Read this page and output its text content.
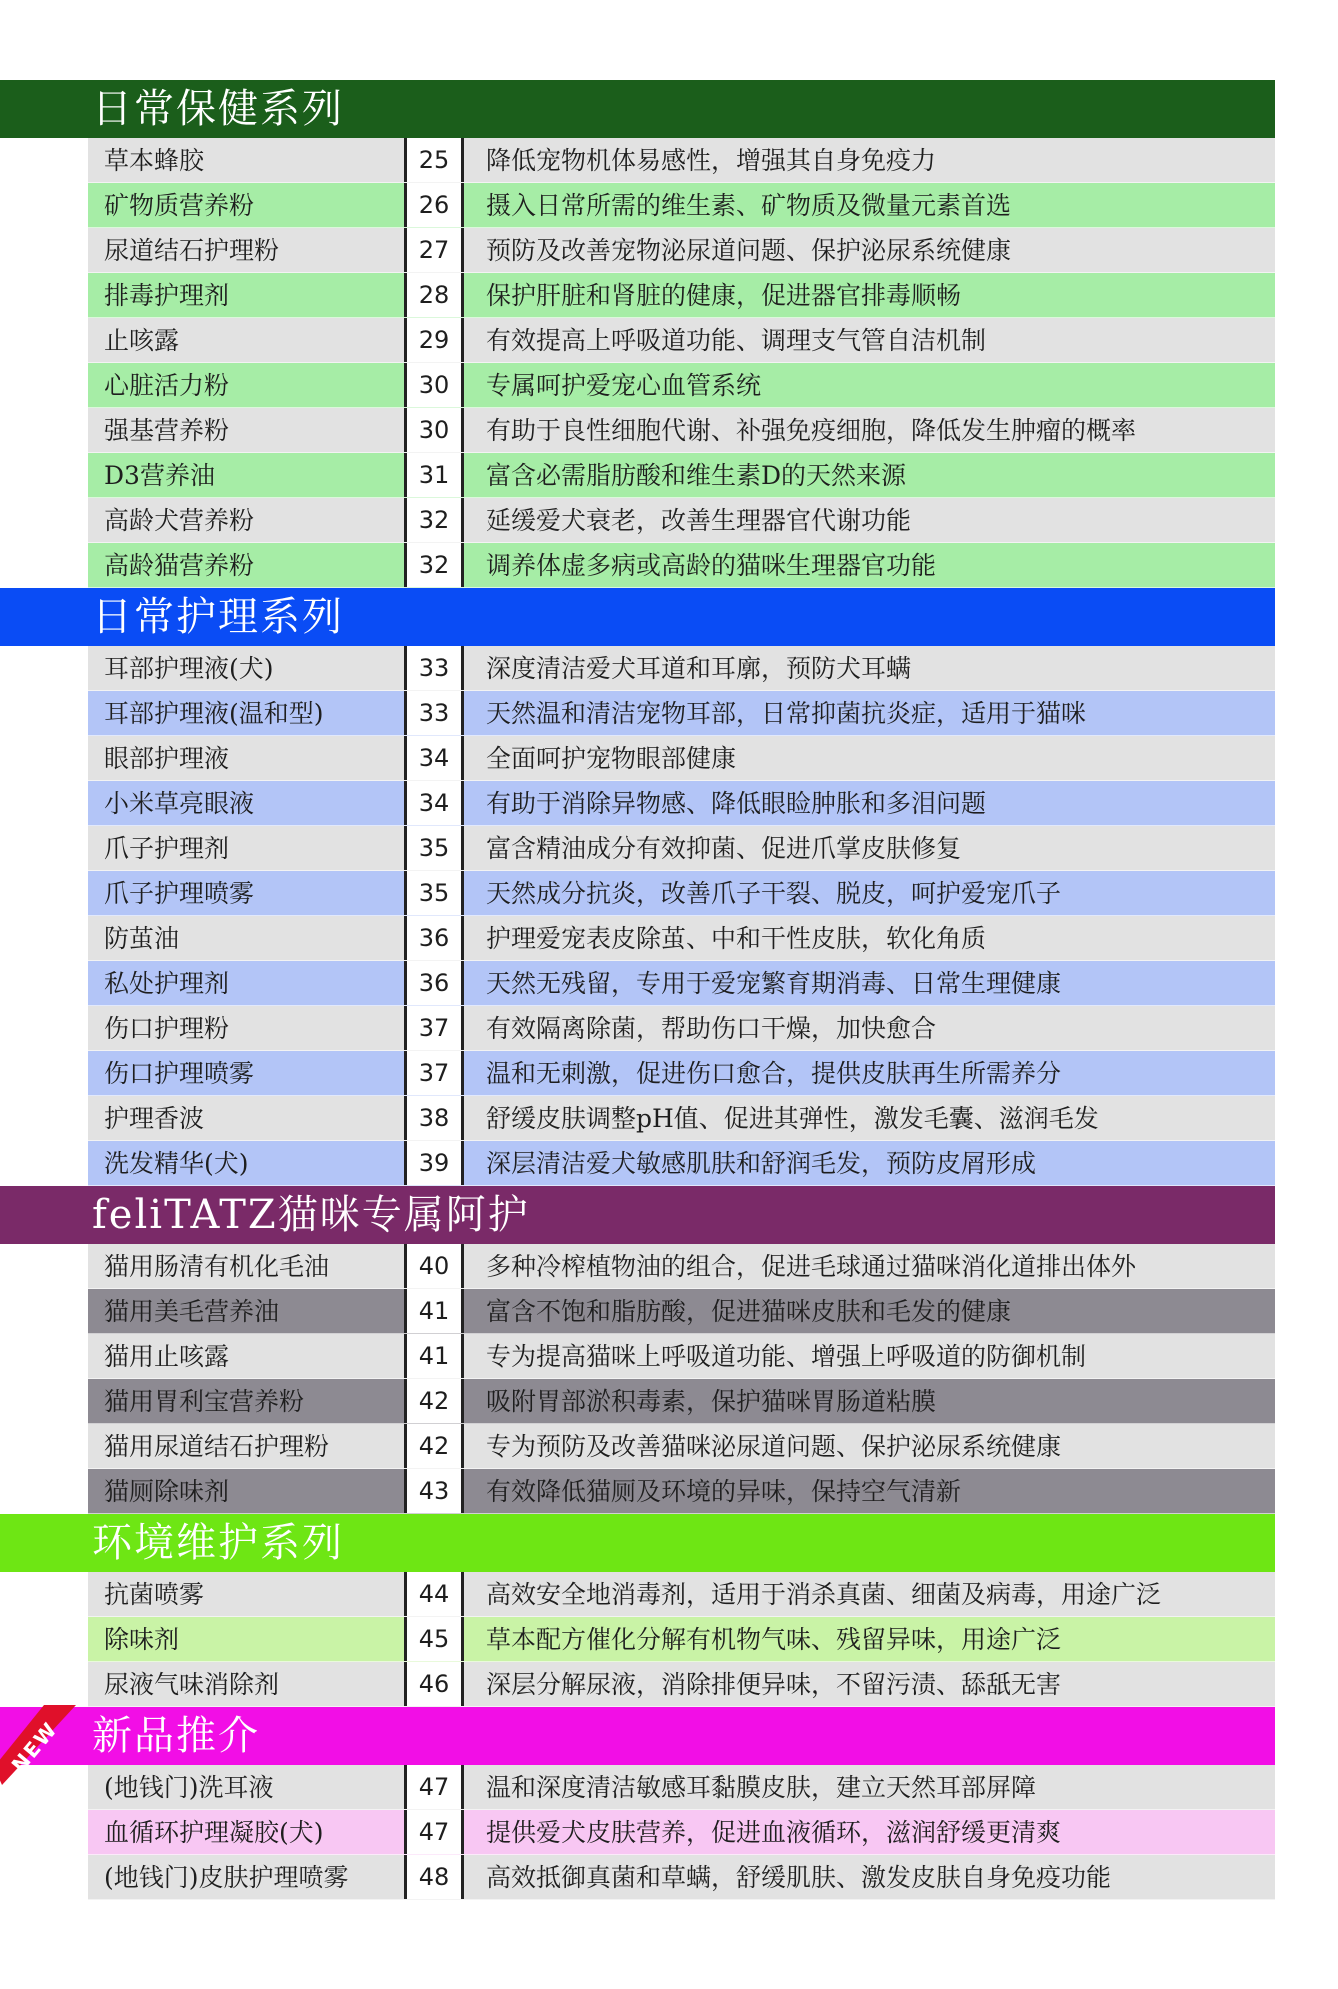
日常保健系列
草本蜂胶	25	降低宠物机体易感性，增强其自身免疫力
矿物质营养粉	26	摄入日常所需的维生素、矿物质及微量元素首选
尿道结石护理粉	27	预防及改善宠物泌尿道问题、保护泌尿系统健康
排毒护理剂	28	保护肝脏和肾脏的健康，促进器官排毒顺畅
止咳露	29	有效提高上呼吸道功能、调理支气管自洁机制
心脏活力粉	30	专属呵护爱宠心血管系统
强基营养粉	30	有助于良性细胞代谢、补强免疫细胞，降低发生肿瘤的概率
D3营养油	31	富含必需脂肪酸和维生素D的天然来源
高龄犬营养粉	32	延缓爱犬衰老，改善生理器官代谢功能
高龄猫营养粉	32	调养体虚多病或高龄的猫咪生理器官功能
日常护理系列
耳部护理液(犬)	33	深度清洁爱犬耳道和耳廓，预防犬耳螨
耳部护理液(温和型)	33	天然温和清洁宠物耳部，日常抑菌抗炎症，适用于猫咪
眼部护理液	34	全面呵护宠物眼部健康
小米草亮眼液	34	有助于消除异物感、降低眼睑肿胀和多泪问题
爪子护理剂	35	富含精油成分有效抑菌、促进爪掌皮肤修复
爪子护理喷雾	35	天然成分抗炎，改善爪子干裂、脱皮，呵护爱宠爪子
防茧油	36	护理爱宠表皮除茧、中和干性皮肤，软化角质
私处护理剂	36	天然无残留，专用于爱宠繁育期消毒、日常生理健康
伤口护理粉	37	有效隔离除菌，帮助伤口干燥，加快愈合
伤口护理喷雾	37	温和无刺激，促进伤口愈合，提供皮肤再生所需养分
护理香波	38	舒缓皮肤调整pH值、促进其弹性，激发毛囊、滋润毛发
洗发精华(犬)	39	深层清洁爱犬敏感肌肤和舒润毛发，预防皮屑形成
feliTATZ猫咪专属阿护
猫用肠清有机化毛油	40	多种冷榨植物油的组合，促进毛球通过猫咪消化道排出体外
猫用美毛营养油	41	富含不饱和脂肪酸，促进猫咪皮肤和毛发的健康
猫用止咳露	41	专为提高猫咪上呼吸道功能、增强上呼吸道的防御机制
猫用胃利宝营养粉	42	吸附胃部淤积毒素，保护猫咪胃肠道粘膜
猫用尿道结石护理粉	42	专为预防及改善猫咪泌尿道问题、保护泌尿系统健康
猫厕除味剂	43	有效降低猫厕及环境的异味，保持空气清新
环境维护系列
抗菌喷雾	44	高效安全地消毒剂，适用于消杀真菌、细菌及病毒，用途广泛
除味剂	45	草本配方催化分解有机物气味、残留异味，用途广泛
尿液气味消除剂	46	深层分解尿液，消除排便异味，不留污渍、舔舐无害
新品推介
NEW
(地钱门)洗耳液	47	温和深度清洁敏感耳黏膜皮肤，建立天然耳部屏障
血循环护理凝胶(犬)	47	提供爱犬皮肤营养，促进血液循环，滋润舒缓更清爽
(地钱门)皮肤护理喷雾	48	高效抵御真菌和草螨，舒缓肌肤、激发皮肤自身免疫功能
